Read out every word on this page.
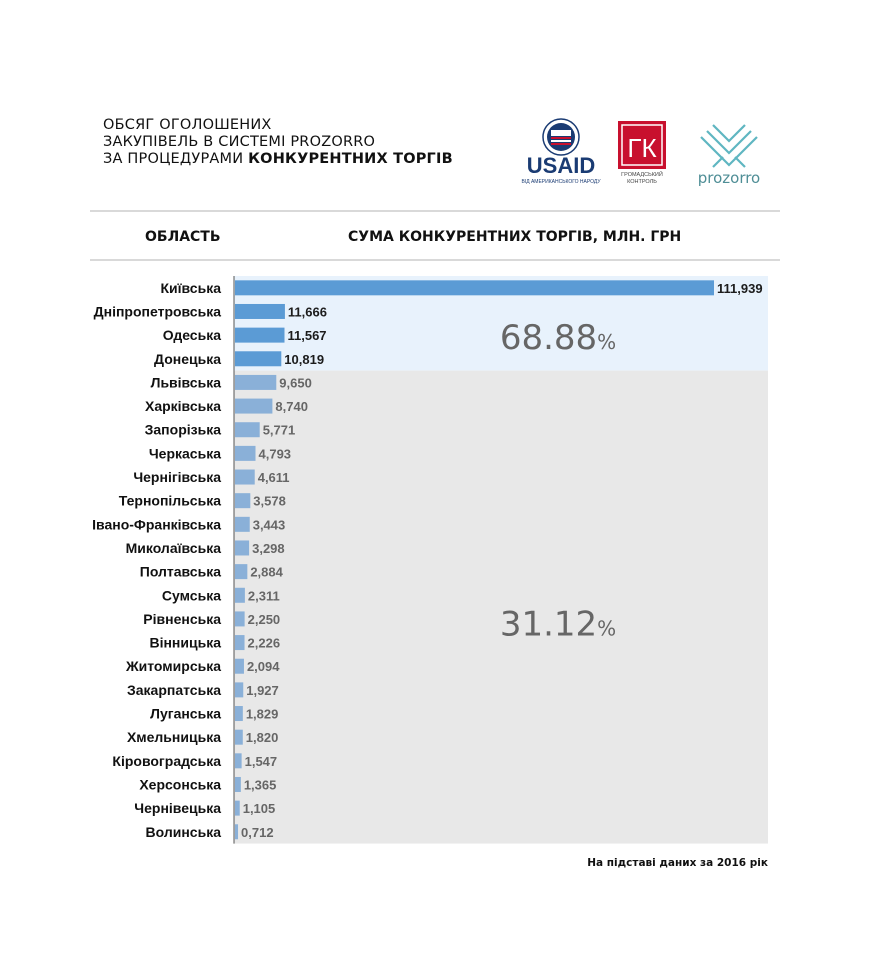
ОБСЯГ ОГОЛОШЕНИХ
ЗАКУПІВЕЛЬ В СИСТЕМІ PROZORRO
ЗА ПРОЦЕДУРАМИ КОНКУРЕНТНИХ ТОРГІВ	USAID
ВІД АМЕРИКАНСЬКОГО НАРОДУ
ГК
ГРОМАДСЬКИЙ
КОНТРОЛЬ	prozorro
ОБЛАСТЬ	СУМА КОНКУРЕНТНИХ ТОРГІВ, МЛН. ГРН
68.88%
31.12%
Київська	111,939
Дніпропетровська	11,666
Одеська	11,567
Донецька	10,819
Львівська	9,650
Харківська	8,740
Запорізька	5,771
Черкаська	4,793
Чернігівська	4,611
Тернопільська 3,578
Івано-Франківська 3,443
Миколаївська 3,298
Полтавська 2,884
Сумська 2,311
Рівненська 2,250
Вінницька 2,226
Житомирська 2,094
Закарпатська 1,927
Луганська 1,829
Хмельницька 1,820
Кіровоградська 1,547
Херсонська 1,365
Чернівецька 1,105
Волинська 0,712
На підставі даних за 2016 рік
